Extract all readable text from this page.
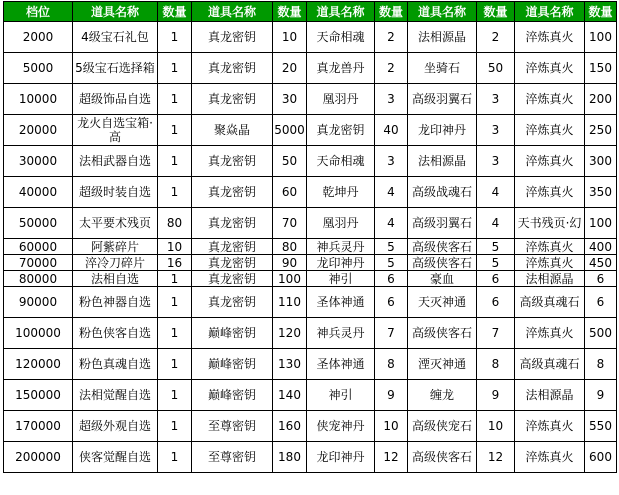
档位	道具名称	数量	道具名称	数量	道具名称	数量	道具名称	数量	道具名称	数量
2000	4级宝石礼包	1	真龙密钥	10	天命相魂	2	法相源晶	2	淬炼真火	100
5000	5级宝石选择箱	1	真龙密钥	20	真龙兽丹	2	坐骑石	50	淬炼真火	150
10000	超级饰品自选	1	真龙密钥	30	凰羽丹	3	高级羽翼石	3	淬炼真火	200
20000	龙火自选宝箱·高	1	聚焱晶	5000	真龙密钥	40	龙印神丹	3	淬炼真火	250
30000	法相武器自选	1	真龙密钥	50	天命相魂	3	法相源晶	3	淬炼真火	300
40000	超级时装自选	1	真龙密钥	60	乾坤丹	4	高级战魂石	4	淬炼真火	350
50000	太平要术残页	80	真龙密钥	70	凰羽丹	4	高级羽翼石	4	天书残页·幻	100
60000	阿紫碎片	10	真龙密钥	80	神兵灵丹	5	高级侠客石	5	淬炼真火	400
70000	淬冷刀碎片	16	真龙密钥	90	龙印神丹	5	高级侠客石	5	淬炼真火	450
80000	法相自选	1	真龙密钥	100	神引	6	豪血	6	法相源晶	6
90000	粉色神器自选	1	真龙密钥	110	圣体神通	6	天灭神通	6	高级真魂石	6
100000	粉色侠客自选	1	巅峰密钥	120	神兵灵丹	7	高级侠客石	7	淬炼真火	500
120000	粉色真魂自选	1	巅峰密钥	130	圣体神通	8	湮灭神通	8	高级真魂石	8
150000	法相觉醒自选	1	巅峰密钥	140	神引	9	缠龙	9	法相源晶	9
170000	超级外观自选	1	至尊密钥	160	侠宠神丹	10	高级侠宠石	10	淬炼真火	550
200000	侠客觉醒自选	1	至尊密钥	180	龙印神丹	12	高级侠客石	12	淬炼真火	600
